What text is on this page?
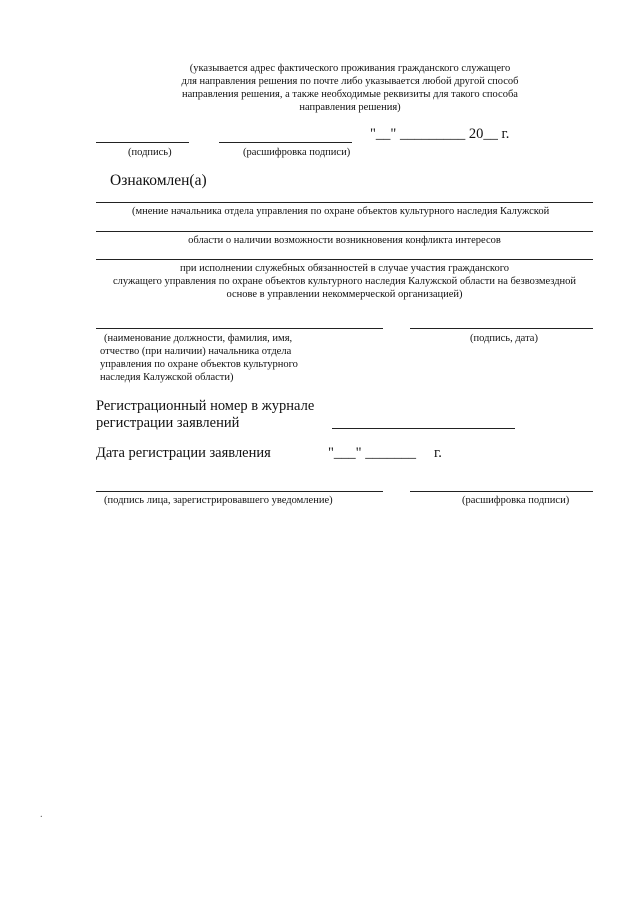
(указывается адрес фактического проживания гражданского служащего
для направления решения по почте либо указывается любой другой способ
направления решения, а также необходимые реквизиты для такого способа
направления решения)
"__" _________ 20__ г.
(подпись)	(расшифровка подписи)
Ознакомлен(а)
(мнение начальника отдела управления по охране объектов культурного наследия Калужской
области о наличии возможности возникновения конфликта интересов
при исполнении служебных обязанностей в случае участия гражданского
служащего управления по охране объектов культурного наследия Калужской области на безвозмездной
основе в управлении некоммерческой организацией)
(наименование должности, фамилия, имя,
отчество (при наличии) начальника отдела
управления по охране объектов культурного
наследия Калужской области)
(подпись, дата)
Регистрационный номер в журнале
регистрации заявлений
Дата регистрации заявления	"___" _______ г.
(подпись лица, зарегистрировавшего уведомление)	(расшифровка подписи)
.
